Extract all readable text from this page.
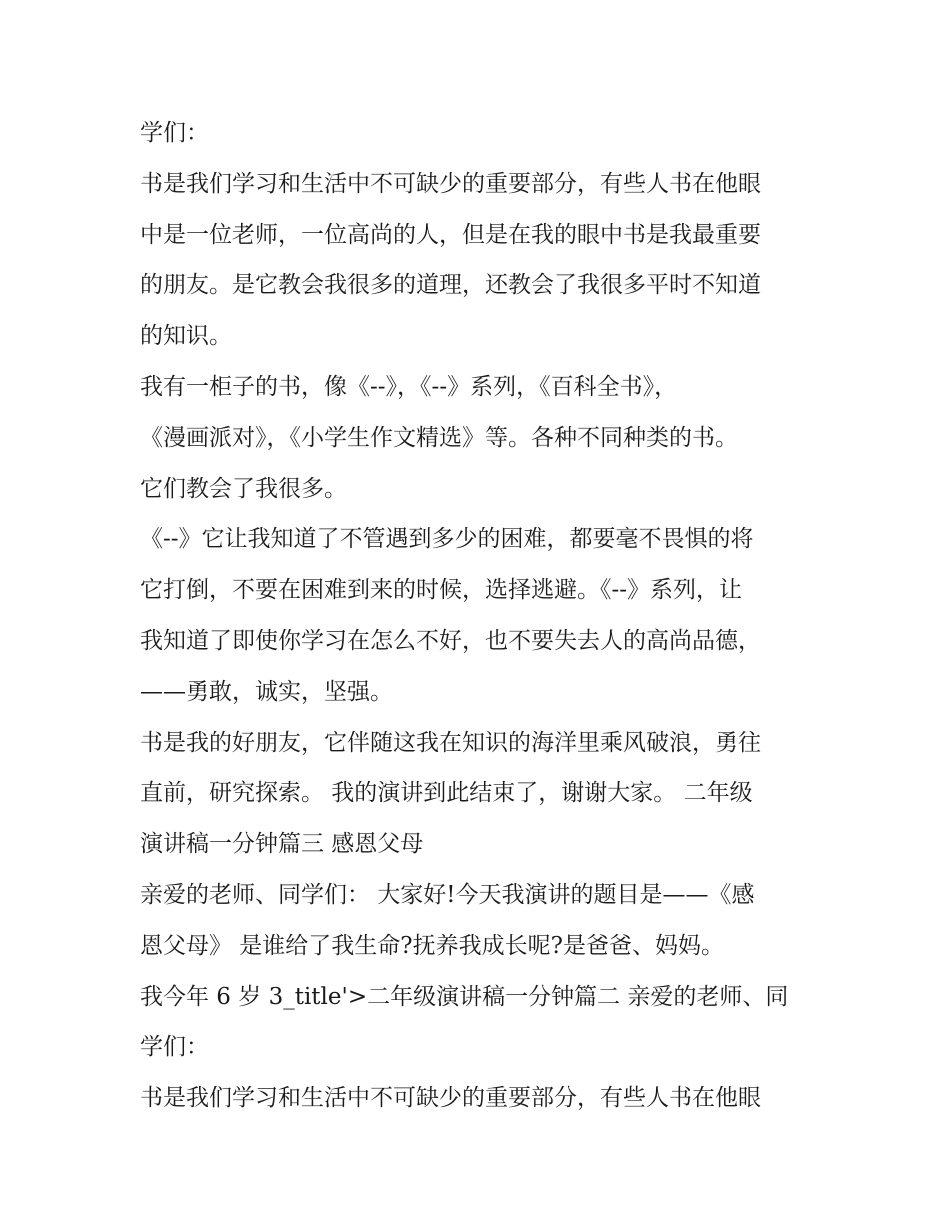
学们：
书是我们学习和生活中不可缺少的重要部分，有些人书在他眼
中是一位老师，一位高尚的人，但是在我的眼中书是我最重要
的朋友。是它教会我很多的道理，还教会了我很多平时不知道
的知识。
我有一柜子的书，像《--》，《--》系列，《百科全书》，
《漫画派对》，《小学生作文精选》等。各种不同种类的书。
它们教会了我很多。
《--》它让我知道了不管遇到多少的困难，都要毫不畏惧的将
它打倒，不要在困难到来的时候，选择逃避。《--》系列，让
我知道了即使你学习在怎么不好，也不要失去人的高尚品德，
——勇敢，诚实，坚强。
书是我的好朋友，它伴随这我在知识的海洋里乘风破浪，勇往
直前，研究探索。 我的演讲到此结束了，谢谢大家。 二年级
演讲稿一分钟篇三 感恩父母
亲爱的老师、同学们： 大家好!今天我演讲的题目是——《感
恩父母》 是谁给了我生命?抚养我成长呢?是爸爸、妈妈。
我今年 6 岁 3_title'>二年级演讲稿一分钟篇二 亲爱的老师、同
学们：
书是我们学习和生活中不可缺少的重要部分，有些人书在他眼
